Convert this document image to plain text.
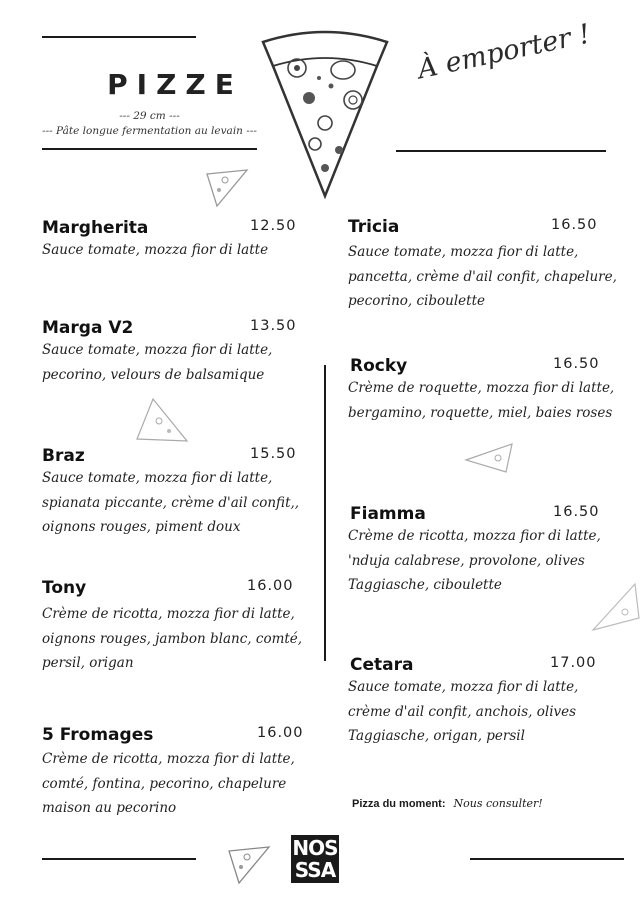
PIZZE
--- 29 cm ---
--- Pâte longue fermentation au levain ---
À emporter !
Margherita	12.50
Sauce tomate, mozza fior di latte
Marga V2	13.50
Sauce tomate, mozza fior di latte, pecorino, velours de balsamique
Braz	15.50
Sauce tomate, mozza fior di latte, spianata piccante, crème d'ail confit,, oignons rouges, piment doux
Tony	16.00
Crème de ricotta, mozza fior di latte, oignons rouges, jambon blanc, comté, persil, origan
5 Fromages	16.00
Crème de ricotta, mozza fior di latte, comté, fontina, pecorino, chapelure maison au pecorino
Tricia	16.50
Sauce tomate, mozza fior di latte, pancetta, crème d'ail confit, chapelure, pecorino, ciboulette
Rocky	16.50
Crème de roquette, mozza fior di latte, bergamino, roquette, miel, baies roses
Fiamma	16.50
Crème de ricotta, mozza fior di latte, 'nduja calabrese, provolone, olives Taggiasche, ciboulette
Cetara	17.00
Sauce tomate, mozza fior di latte, crème d'ail confit, anchois, olives Taggiasche, origan, persil
Pizza du moment: Nous consulter!
NOS
SSA
